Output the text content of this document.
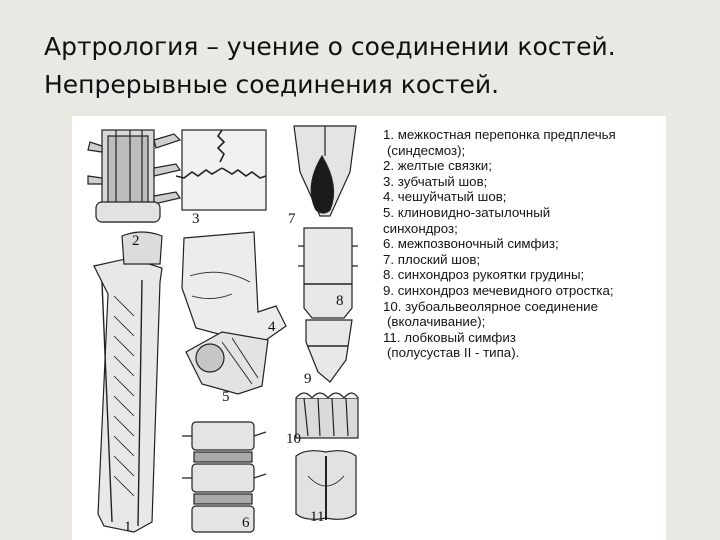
Артрология – учение о соединении костей.
Непрерывные соединения костей.
2
3	7
4
8
9
5
10
11
1	6
1. межкостная перепонка предплечья
(синдесмоз);
2. желтые связки;
3. зубчатый шов;
4. чешуйчатый шов;
5. клиновидно-затылочный
синхондроз;
6. межпозвоночный симфиз;
7. плоский шов;
8. синхондроз рукоятки грудины;
9. синхондроз мечевидного отростка;
10. зубоальвеолярное соединение
(вколачивание);
11. лобковый симфиз
(полусустав II - типа).
